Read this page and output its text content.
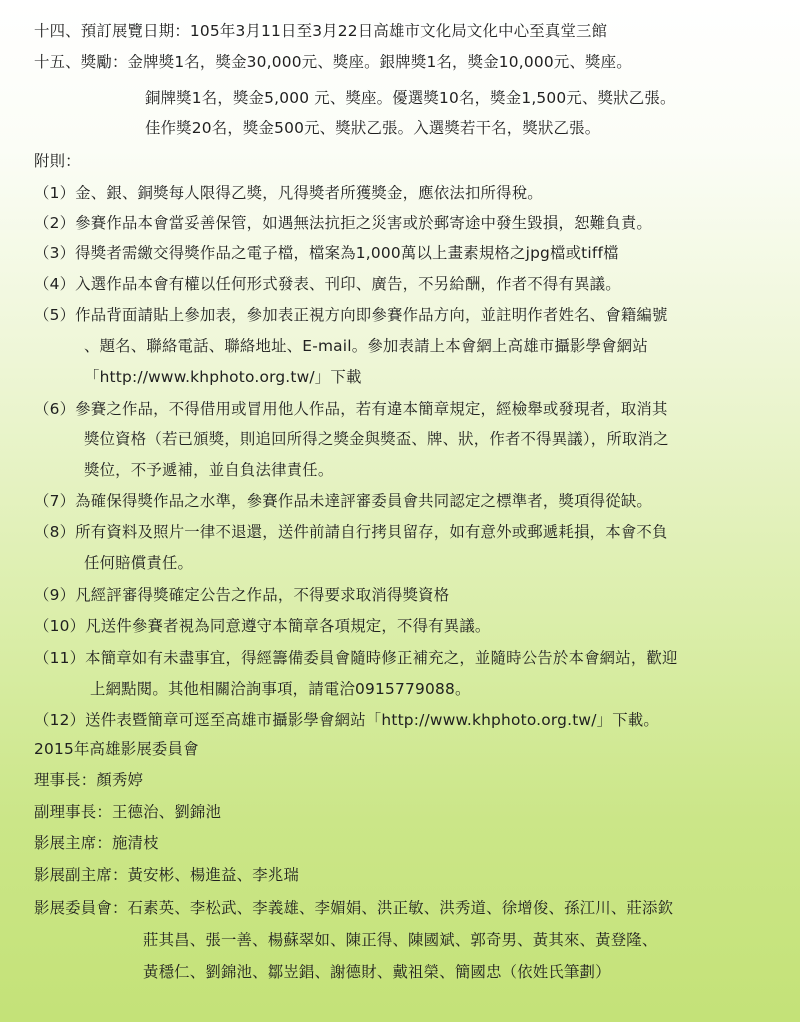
十四、預訂展覽日期：105年3月11日至3月22日高雄市文化局文化中心至真堂三館
十五、獎勵：金牌獎1名，獎金30,000元、獎座。銀牌獎1名，獎金10,000元、獎座。
銅牌獎1名，獎金5,000 元、獎座。優選獎10名，獎金1,500元、獎狀乙張。
佳作獎20名，獎金500元、獎狀乙張。入選獎若干名，獎狀乙張。
附則：
（1）金、銀、銅獎每人限得乙獎，凡得獎者所獲獎金，應依法扣所得稅。
（2）參賽作品本會當妥善保管，如遇無法抗拒之災害或於郵寄途中發生毀損，恕難負責。
（3）得獎者需繳交得獎作品之電子檔，檔案為1,000萬以上畫素規格之jpg檔或tiff檔
（4）入選作品本會有權以任何形式發表、刊印、廣告，不另給酬，作者不得有異議。
（5）作品背面請貼上參加表，參加表正視方向即參賽作品方向，並註明作者姓名、會籍編號
、題名、聯絡電話、聯絡地址、E-mail。參加表請上本會網上高雄市攝影學會網站
「http://www.khphoto.org.tw/」下載
（6）參賽之作品，不得借用或冒用他人作品，若有違本簡章規定，經檢舉或發現者，取消其
獎位資格（若已頒獎，則追回所得之獎金與獎盃、牌、狀，作者不得異議），所取消之
獎位，不予遞補，並自負法律責任。
（7）為確保得獎作品之水準，參賽作品未達評審委員會共同認定之標準者，獎項得從缺。
（8）所有資料及照片一律不退還，送件前請自行拷貝留存，如有意外或郵遞耗損，本會不負
任何賠償責任。
（9）凡經評審得獎確定公告之作品，不得要求取消得獎資格
（10）凡送件參賽者視為同意遵守本簡章各項規定，不得有異議。
（11）本簡章如有未盡事宜，得經籌備委員會隨時修正補充之，並隨時公告於本會網站，歡迎
上網點閱。其他相關洽詢事項，請電洽0915779088。
（12）送件表暨簡章可逕至高雄市攝影學會網站「http://www.khphoto.org.tw/」下載。
2015年高雄影展委員會
理事長：顏秀婷
副理事長：王德治、劉錦池
影展主席：施清枝
影展副主席：黃安彬、楊進益、李兆瑞
影展委員會：石素英、李松武、李義雄、李媚娟、洪正敏、洪秀道、徐增俊、孫江川、莊添欽
莊其昌、張一善、楊蘇翠如、陳正得、陳國斌、郭奇男、黃其來、黃登隆、
黃穩仁、劉錦池、鄒岦錩、謝德財、戴祖榮、簡國忠（依姓氏筆劃）
